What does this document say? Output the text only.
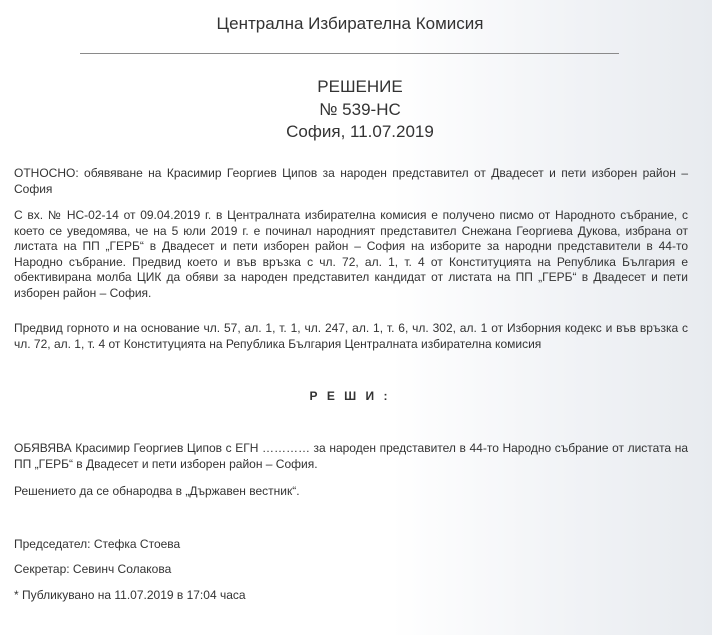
Централна Избирателна Комисия
РЕШЕНИЕ
№ 539-НС
София, 11.07.2019
ОТНОСНО: обявяване на Красимир Георгиев Ципов за народен представител от Двадесет и пети изборен район – София
С вх. № НС-02-14 от 09.04.2019 г. в Централната избирателна комисия е получено писмо от Народното събрание, с което се уведомява, че на 5 юли 2019 г. е починал народният представител Снежана Георгиева Дукова, избрана от листата на ПП „ГЕРБ“ в Двадесет и пети изборен район – София на изборите за народни представители в 44-то Народно събрание. Предвид което и във връзка с чл. 72, ал. 1, т. 4 от Конституцията на Република България е обективирана молба ЦИК да обяви за народен представител кандидат от листата на ПП „ГЕРБ“ в Двадесет и пети изборен район – София.
Предвид горното и на основание чл. 57, ал. 1, т. 1, чл. 247, ал. 1, т. 6, чл. 302, ал. 1 от Изборния кодекс и във връзка с чл. 72, ал. 1, т. 4 от Конституцията на Република България Централната избирателна комисия
Р Е Ш И :
ОБЯВЯВА Красимир Георгиев Ципов с ЕГН ………… за народен представител в 44-то Народно събрание от листата на ПП „ГЕРБ“ в Двадесет и пети изборен район – София.
Решението да се обнародва в „Държавен вестник“.
Председател: Стефка Стоева
Секретар: Севинч Солакова
* Публикувано на 11.07.2019 в 17:04 часа
